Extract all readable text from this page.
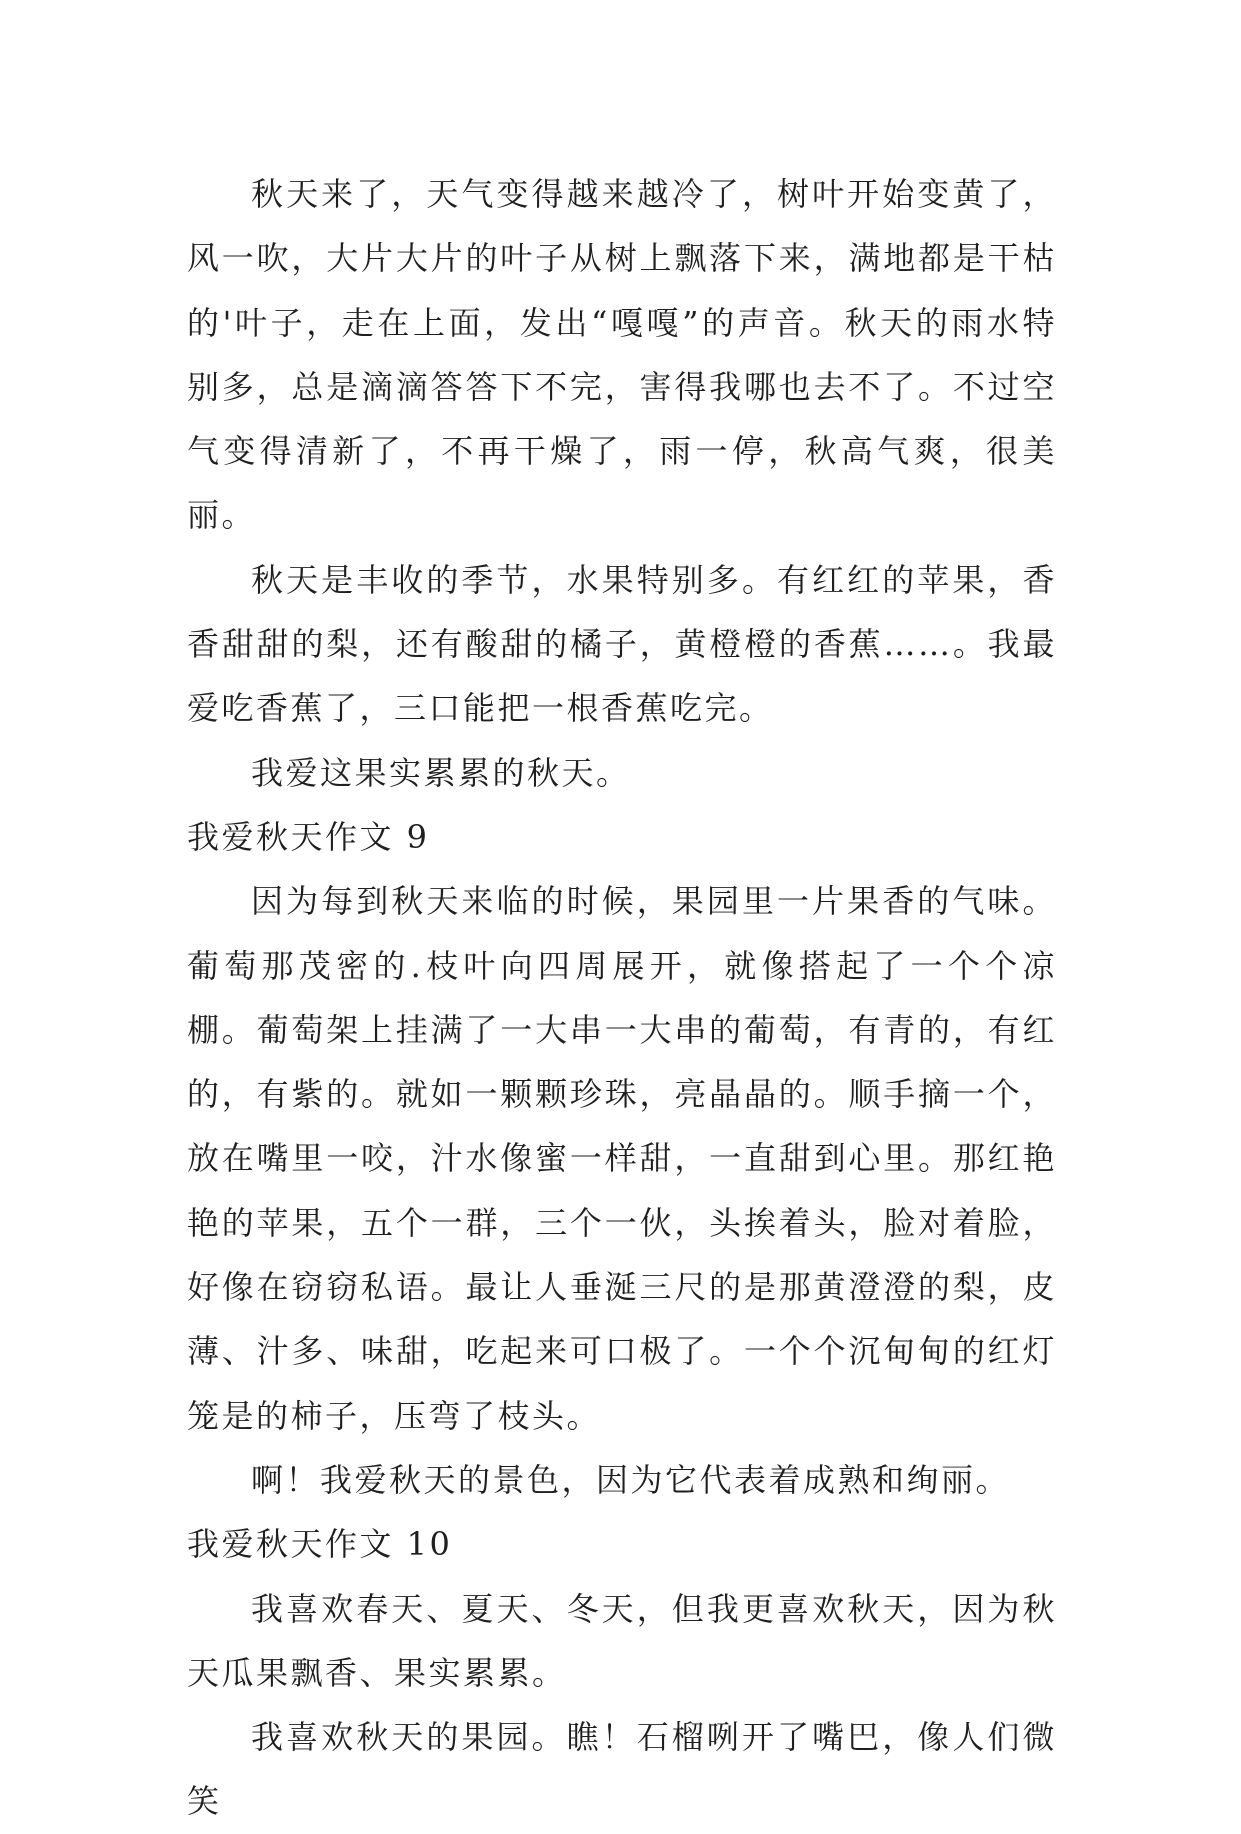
秋天来了，天气变得越来越冷了，树叶开始变黄了，风一吹，大片大片的叶子从树上飘落下来，满地都是干枯的'叶子，走在上面，发出“嘎嘎”的声音。秋天的雨水特别多，总是滴滴答答下不完，害得我哪也去不了。不过空气变得清新了，不再干燥了，雨一停，秋高气爽，很美丽。

秋天是丰收的季节，水果特别多。有红红的苹果，香香甜甜的梨，还有酸甜的橘子，黄橙橙的香蕉……。我最爱吃香蕉了，三口能把一根香蕉吃完。

我爱这果实累累的秋天。

我爱秋天作文 9

因为每到秋天来临的时候，果园里一片果香的气味。葡萄那茂密的.枝叶向四周展开，就像搭起了一个个凉棚。葡萄架上挂满了一大串一大串的葡萄，有青的，有红的，有紫的。就如一颗颗珍珠，亮晶晶的。顺手摘一个，放在嘴里一咬，汁水像蜜一样甜，一直甜到心里。那红艳艳的苹果，五个一群，三个一伙，头挨着头，脸对着脸，好像在窃窃私语。最让人垂涎三尺的是那黄澄澄的梨，皮薄、汁多、味甜，吃起来可口极了。一个个沉甸甸的红灯笼是的柿子，压弯了枝头。

啊！我爱秋天的景色，因为它代表着成熟和绚丽。

我爱秋天作文 10

我喜欢春天、夏天、冬天，但我更喜欢秋天，因为秋天瓜果飘香、果实累累。

我喜欢秋天的果园。瞧！石榴咧开了嘴巴，像人们微笑
